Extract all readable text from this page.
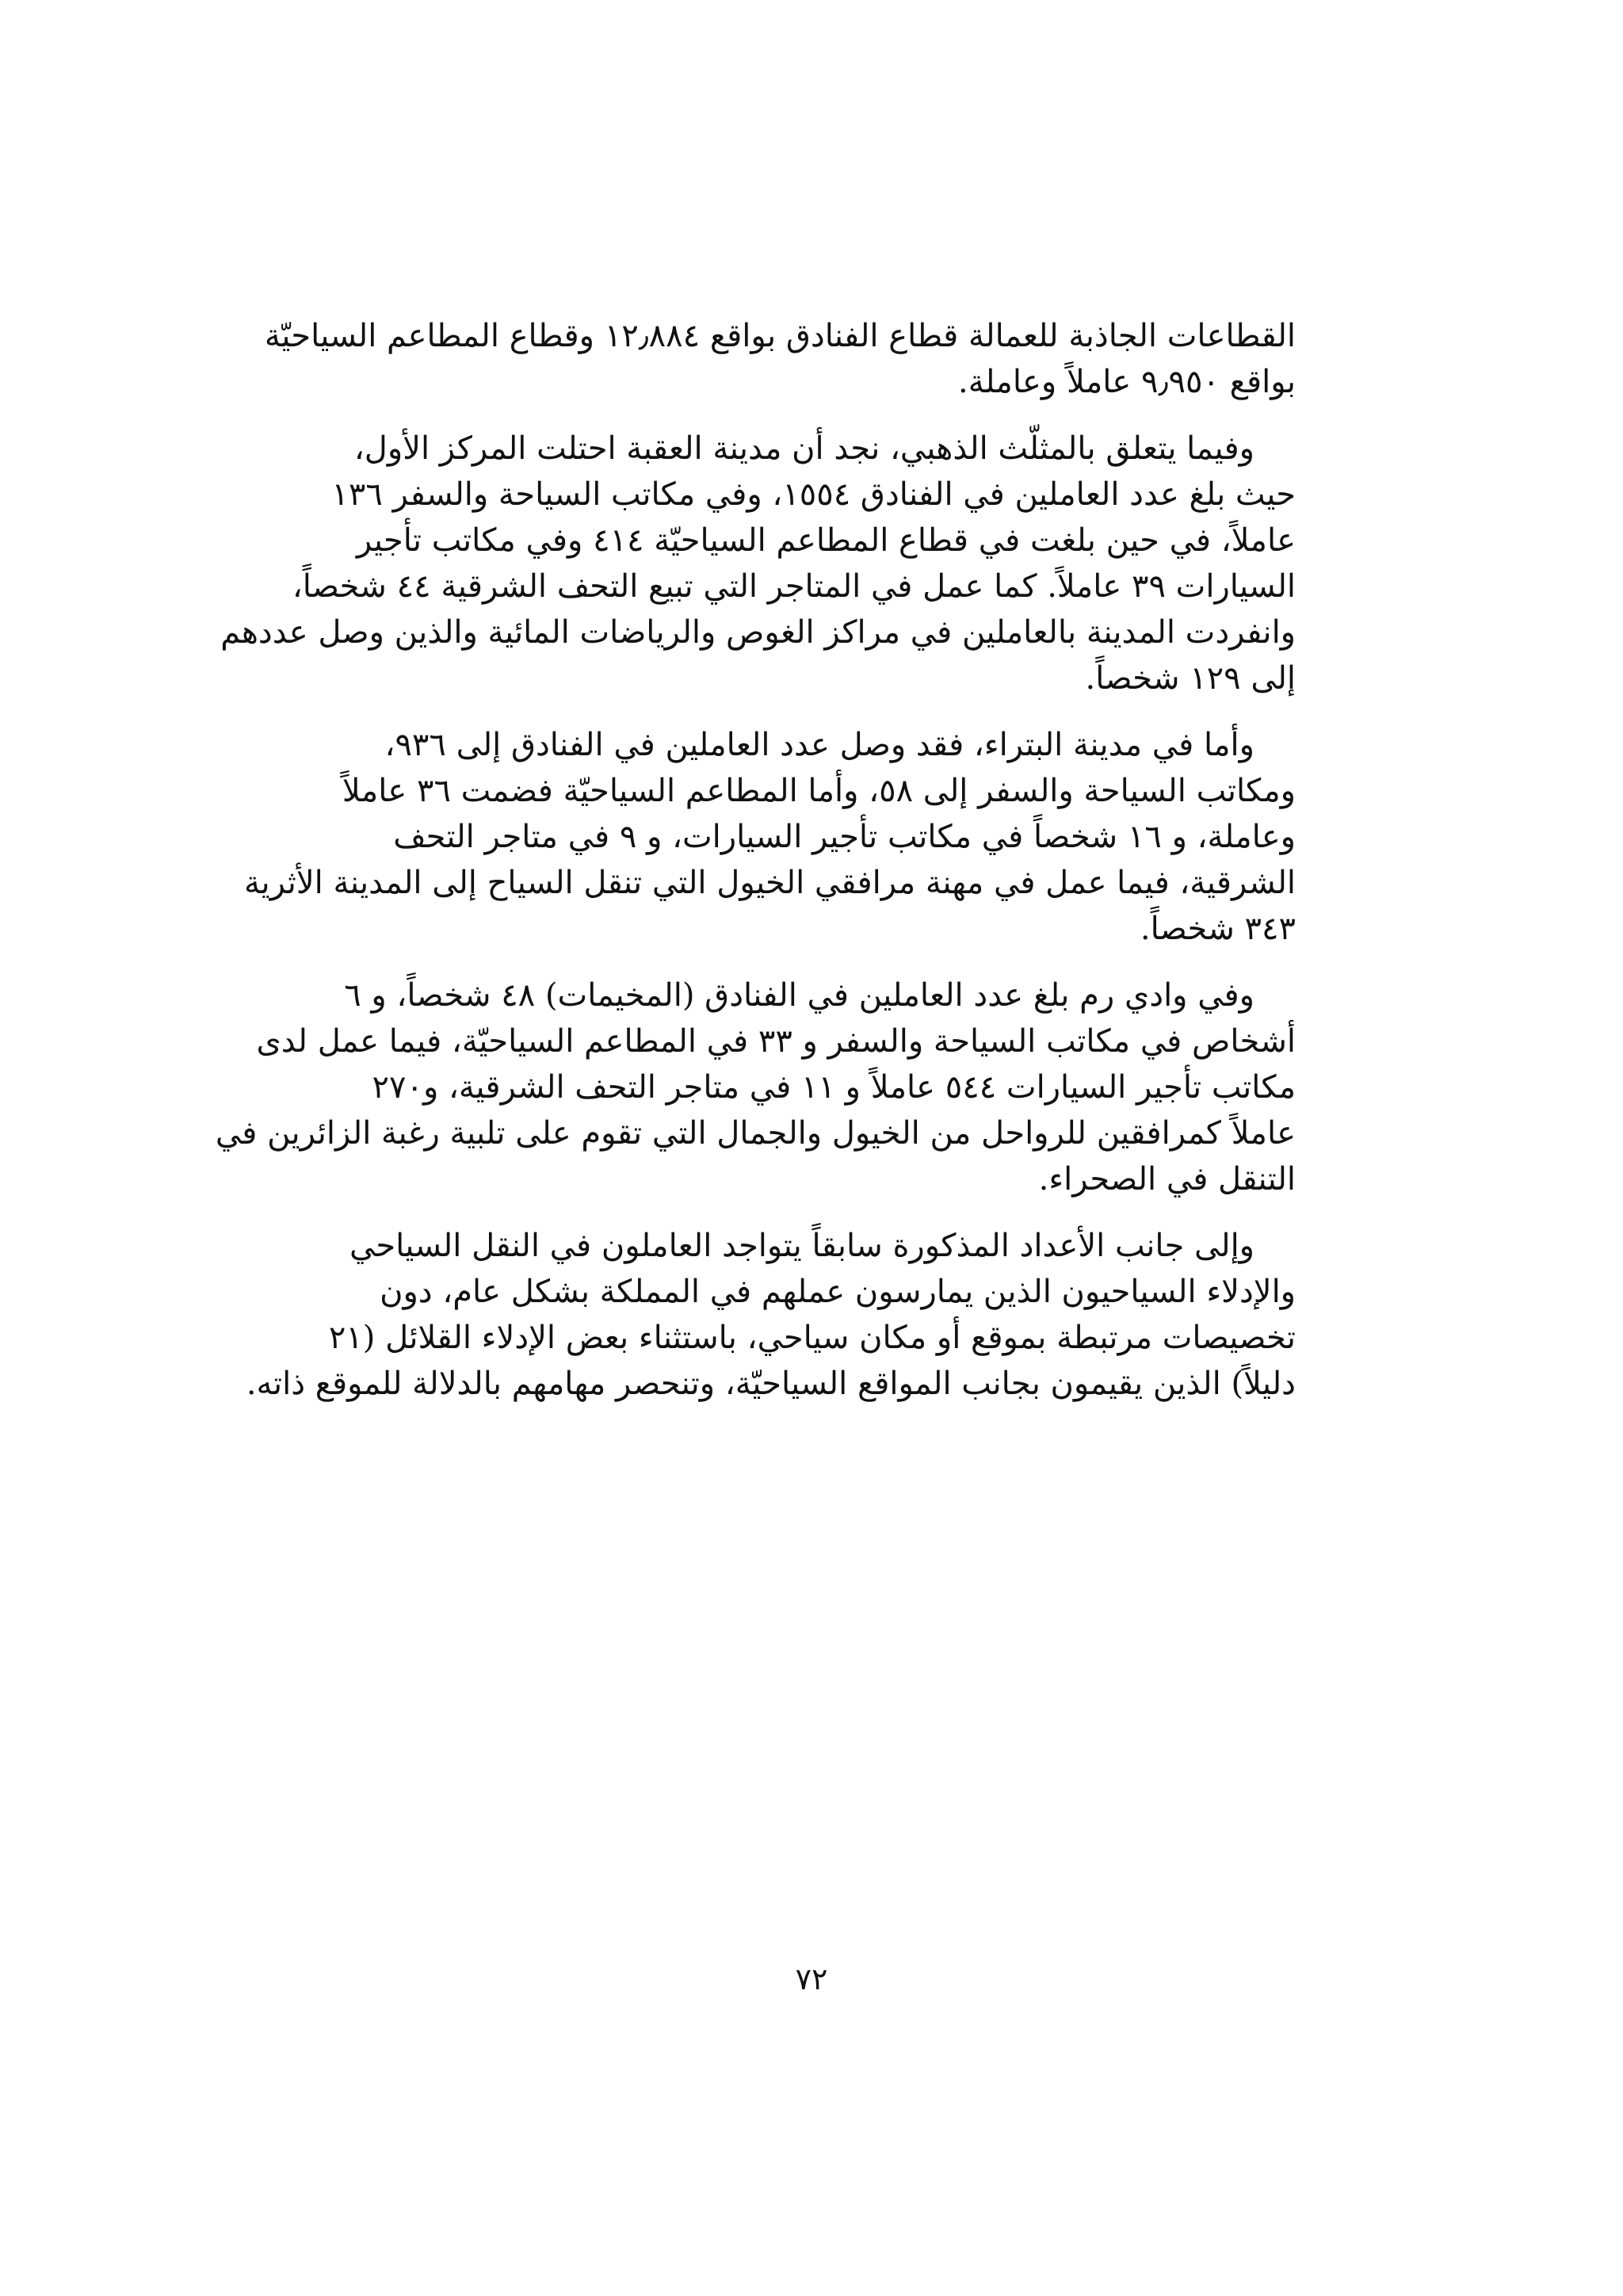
القطاعات الجاذبة للعمالة قطاع الفنادق بواقع ١٢٫٨٨٤ وقطاع المطاعم السياحيّة
بواقع ٩٫٩٥٠ عاملاً وعاملة.

وفيما يتعلق بالمثلّث الذهبي، نجد أن مدينة العقبة احتلت المركز الأول،
حيث بلغ عدد العاملين في الفنادق ١٥٥٤، وفي مكاتب السياحة والسفر ١٣٦
عاملاً، في حين بلغت في قطاع المطاعم السياحيّة ٤١٤ وفي مكاتب تأجير
السيارات ٣٩ عاملاً. كما عمل في المتاجر التي تبيع التحف الشرقية ٤٤ شخصاً،
وانفردت المدينة بالعاملين في مراكز الغوص والرياضات المائية والذين وصل عددهم
إلى ١٢٩ شخصاً.

وأما في مدينة البتراء، فقد وصل عدد العاملين في الفنادق إلى ٩٣٦،
ومكاتب السياحة والسفر إلى ٥٨، وأما المطاعم السياحيّة فضمت ٣٦ عاملاً
وعاملة، و ١٦ شخصاً في مكاتب تأجير السيارات، و ٩ في متاجر التحف
الشرقية، فيما عمل في مهنة مرافقي الخيول التي تنقل السياح إلى المدينة الأثرية
٣٤٣ شخصاً.

وفي وادي رم بلغ عدد العاملين في الفنادق (المخيمات) ٤٨ شخصاً، و ٦
أشخاص في مكاتب السياحة والسفر و ٣٣ في المطاعم السياحيّة، فيما عمل لدى
مكاتب تأجير السيارات ٥٤٤ عاملاً و ١١ في متاجر التحف الشرقية، و٢٧٠
عاملاً كمرافقين للرواحل من الخيول والجمال التي تقوم على تلبية رغبة الزائرين في
التنقل في الصحراء.

وإلى جانب الأعداد المذكورة سابقاً يتواجد العاملون في النقل السياحي
والإدلاء السياحيون الذين يمارسون عملهم في المملكة بشكل عام، دون
تخصيصات مرتبطة بموقع أو مكان سياحي، باستثناء بعض الإدلاء القلائل (٢١
دليلاً) الذين يقيمون بجانب المواقع السياحيّة، وتنحصر مهامهم بالدلالة للموقع ذاته.

٧٢
